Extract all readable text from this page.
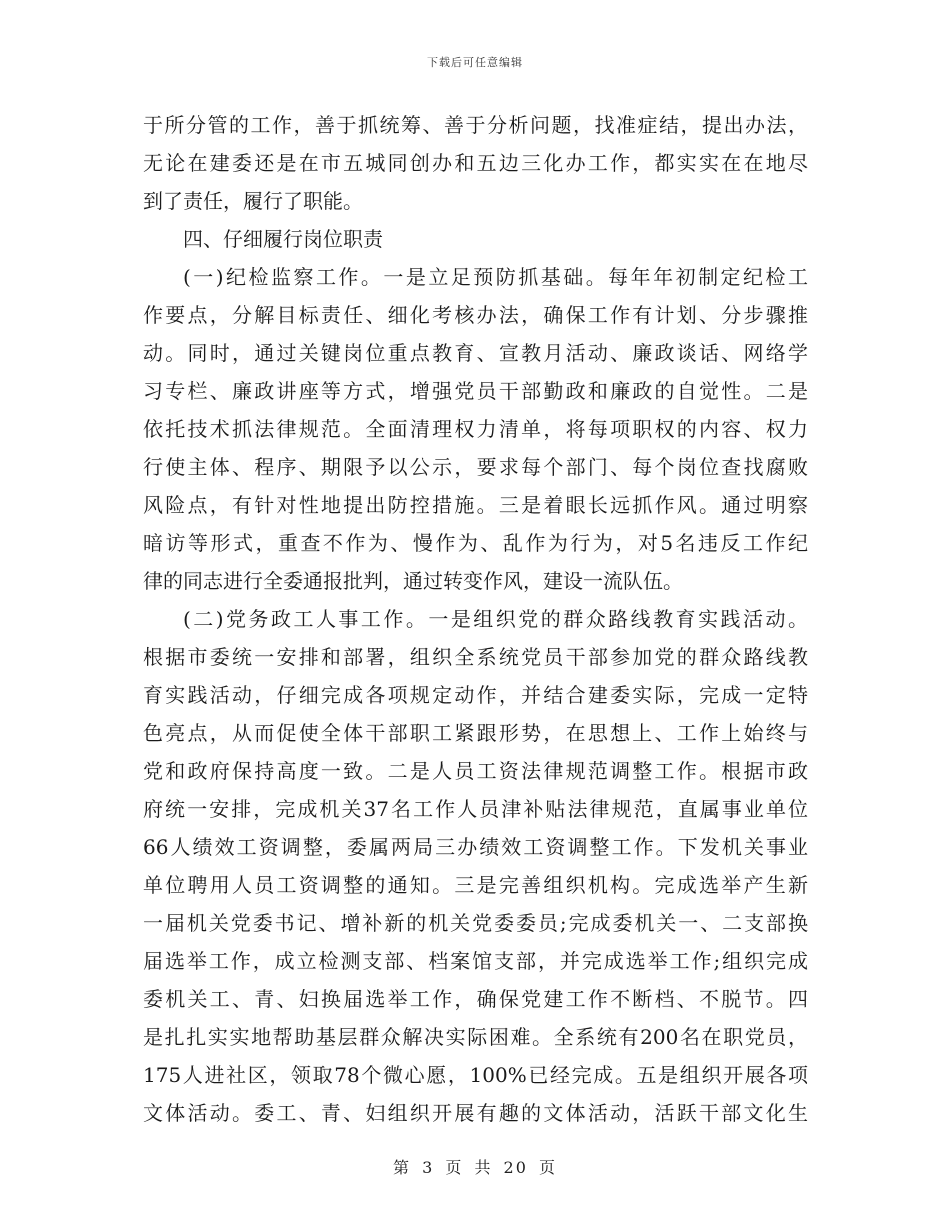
下载后可任意编辑
于所分管的工作，善于抓统筹、善于分析问题，找准症结，提出办法，
无论在建委还是在市五城同创办和五边三化办工作，都实实在在地尽
到了责任，履行了职能。
四、仔细履行岗位职责
(一)纪检监察工作。一是立足预防抓基础。每年年初制定纪检工
作要点，分解目标责任、细化考核办法，确保工作有计划、分步骤推
动。同时，通过关键岗位重点教育、宣教月活动、廉政谈话、网络学
习专栏、廉政讲座等方式，增强党员干部勤政和廉政的自觉性。二是
依托技术抓法律规范。全面清理权力清单，将每项职权的内容、权力
行使主体、程序、期限予以公示，要求每个部门、每个岗位查找腐败
风险点，有针对性地提出防控措施。三是着眼长远抓作风。通过明察
暗访等形式，重查不作为、慢作为、乱作为行为，对5名违反工作纪
律的同志进行全委通报批判，通过转变作风，建设一流队伍。
(二)党务政工人事工作。一是组织党的群众路线教育实践活动。
根据市委统一安排和部署，组织全系统党员干部参加党的群众路线教
育实践活动，仔细完成各项规定动作，并结合建委实际，完成一定特
色亮点，从而促使全体干部职工紧跟形势，在思想上、工作上始终与
党和政府保持高度一致。二是人员工资法律规范调整工作。根据市政
府统一安排，完成机关37名工作人员津补贴法律规范，直属事业单位
66人绩效工资调整，委属两局三办绩效工资调整工作。下发机关事业
单位聘用人员工资调整的通知。三是完善组织机构。完成选举产生新
一届机关党委书记、增补新的机关党委委员;完成委机关一、二支部换
届选举工作，成立检测支部、档案馆支部，并完成选举工作;组织完成
委机关工、青、妇换届选举工作，确保党建工作不断档、不脱节。四
是扎扎实实地帮助基层群众解决实际困难。全系统有200名在职党员，
175人进社区，领取78个微心愿，100%已经完成。五是组织开展各项
文体活动。委工、青、妇组织开展有趣的文体活动，活跃干部文化生
第 3 页 共 20 页
